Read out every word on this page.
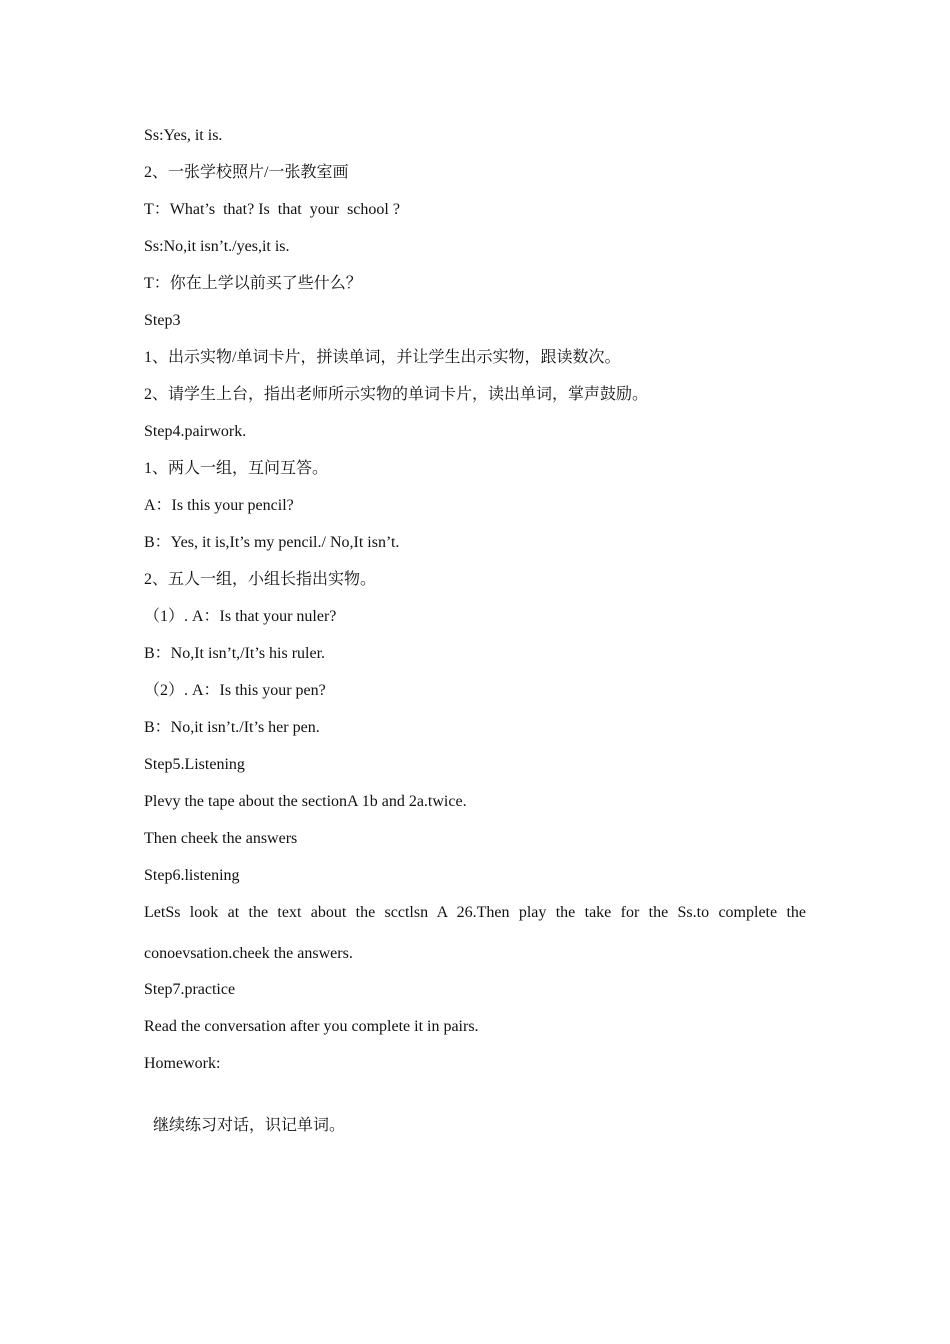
Ss:Yes, it is.
2、一张学校照片/一张教室画
T：What’s  that? Is  that  your  school ?
Ss:No,it isn’t./yes,it is.
T：你在上学以前买了些什么？
Step3
1、出示实物/单词卡片，拼读单词，并让学生出示实物，跟读数次。
2、请学生上台，指出老师所示实物的单词卡片，读出单词，掌声鼓励。
Step4.pairwork.
1、两人一组，互问互答。
A：Is this your pencil?
B：Yes, it is,It’s my pencil./ No,It isn’t.
2、五人一组，小组长指出实物。
（1）. A：Is that your nuler?
B：No,It isn’t,/It’s his ruler.
（2）. A：Is this your pen?
B：No,it isn’t./It’s her pen.
Step5.Listening
Plevy the tape about the sectionA 1b and 2a.twice.
Then cheek the answers
Step6.listening
LetSs look at the text about the scctlsn A 26.Then play the take for the Ss.to complete the conoevsation.cheek the answers.
Step7.practice
Read the conversation after you complete it in pairs.
Homework:
继续练习对话，识记单词。
